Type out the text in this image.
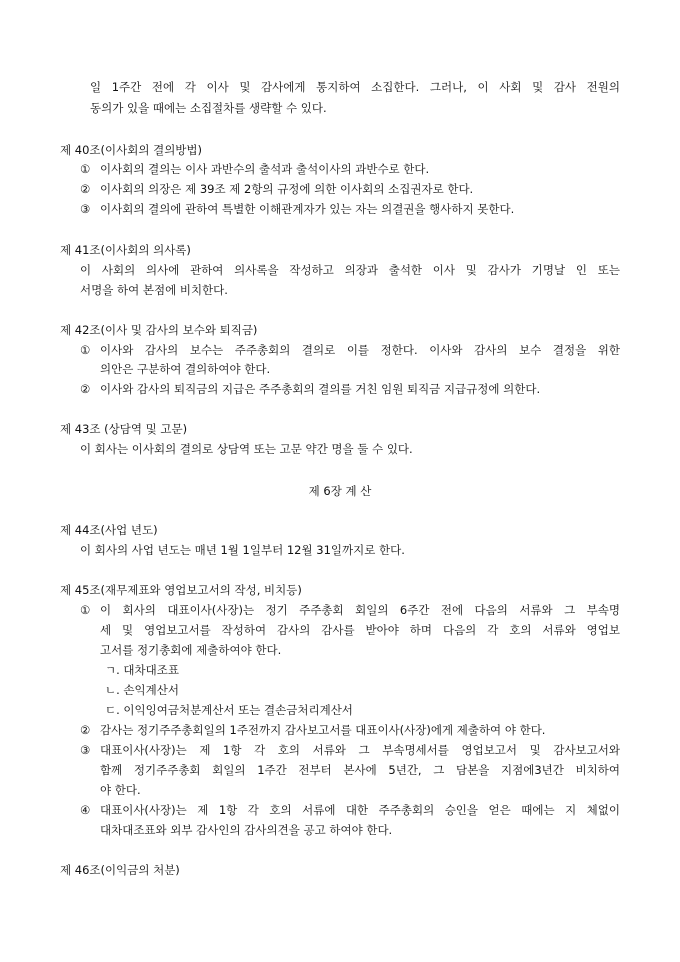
일 1주간 전에 각 이사 및 감사에게 통지하여 소집한다. 그러나, 이 사회 및 감사 전원의
동의가 있을 때에는 소집절차를 생략할 수 있다.
제 40조(이사회의 결의방법)
① 이사회의 결의는 이사 과반수의 출석과 출석이사의 과반수로 한다.
② 이사회의 의장은 제 39조 제 2항의 규정에 의한 이사회의 소집권자로 한다.
③ 이사회의 결의에 관하여 특별한 이해관계자가 있는 자는 의결권을 행사하지 못한다.
제 41조(이사회의 의사록)
이 사회의 의사에 관하여 의사록을 작성하고 의장과 출석한 이사 및 감사가 기명날 인 또는
서명을 하여 본점에 비치한다.
제 42조(이사 및 감사의 보수와 퇴직금)
① 이사와 감사의 보수는 주주총회의 결의로 이를 정한다. 이사와 감사의 보수 결정을 위한
의안은 구분하여 결의하여야 한다.
② 이사와 감사의 퇴직금의 지급은 주주총회의 결의를 거친 임원 퇴직금 지급규정에 의한다.
제 43조 (상담역 및 고문)
이 회사는 이사회의 결의로 상담역 또는 고문 약간 명을 둘 수 있다.
제 6장 계 산
제 44조(사업 년도)
이 회사의 사업 년도는 매년 1월 1일부터 12월 31일까지로 한다.
제 45조(재무제표와 영업보고서의 작성, 비치등)
① 이 회사의 대표이사(사장)는 정기 주주총회 회일의 6주간 전에 다음의 서류와 그 부속명
세 및 영업보고서를 작성하여 감사의 감사를 받아야 하며 다음의 각 호의 서류와 영업보
고서를 정기총회에 제출하여야 한다.
ㄱ. 대차대조표
ㄴ. 손익계산서
ㄷ. 이익잉여금처분계산서 또는 결손금처리계산서
② 감사는 정기주주총회일의 1주전까지 감사보고서를 대표이사(사장)에게 제출하여 야 한다.
③ 대표이사(사장)는 제 1항 각 호의 서류와 그 부속명세서를 영업보고서 및 감사보고서와
함께 정기주주총회 회일의 1주간 전부터 본사에 5년간, 그 담본을 지점에3년간 비치하여
야 한다.
④ 대표이사(사장)는 제 1항 각 호의 서류에 대한 주주총회의 승인을 얻은 때에는 지 체없이
대차대조표와 외부 감사인의 감사의견을 공고 하여야 한다.
제 46조(이익금의 처분)
